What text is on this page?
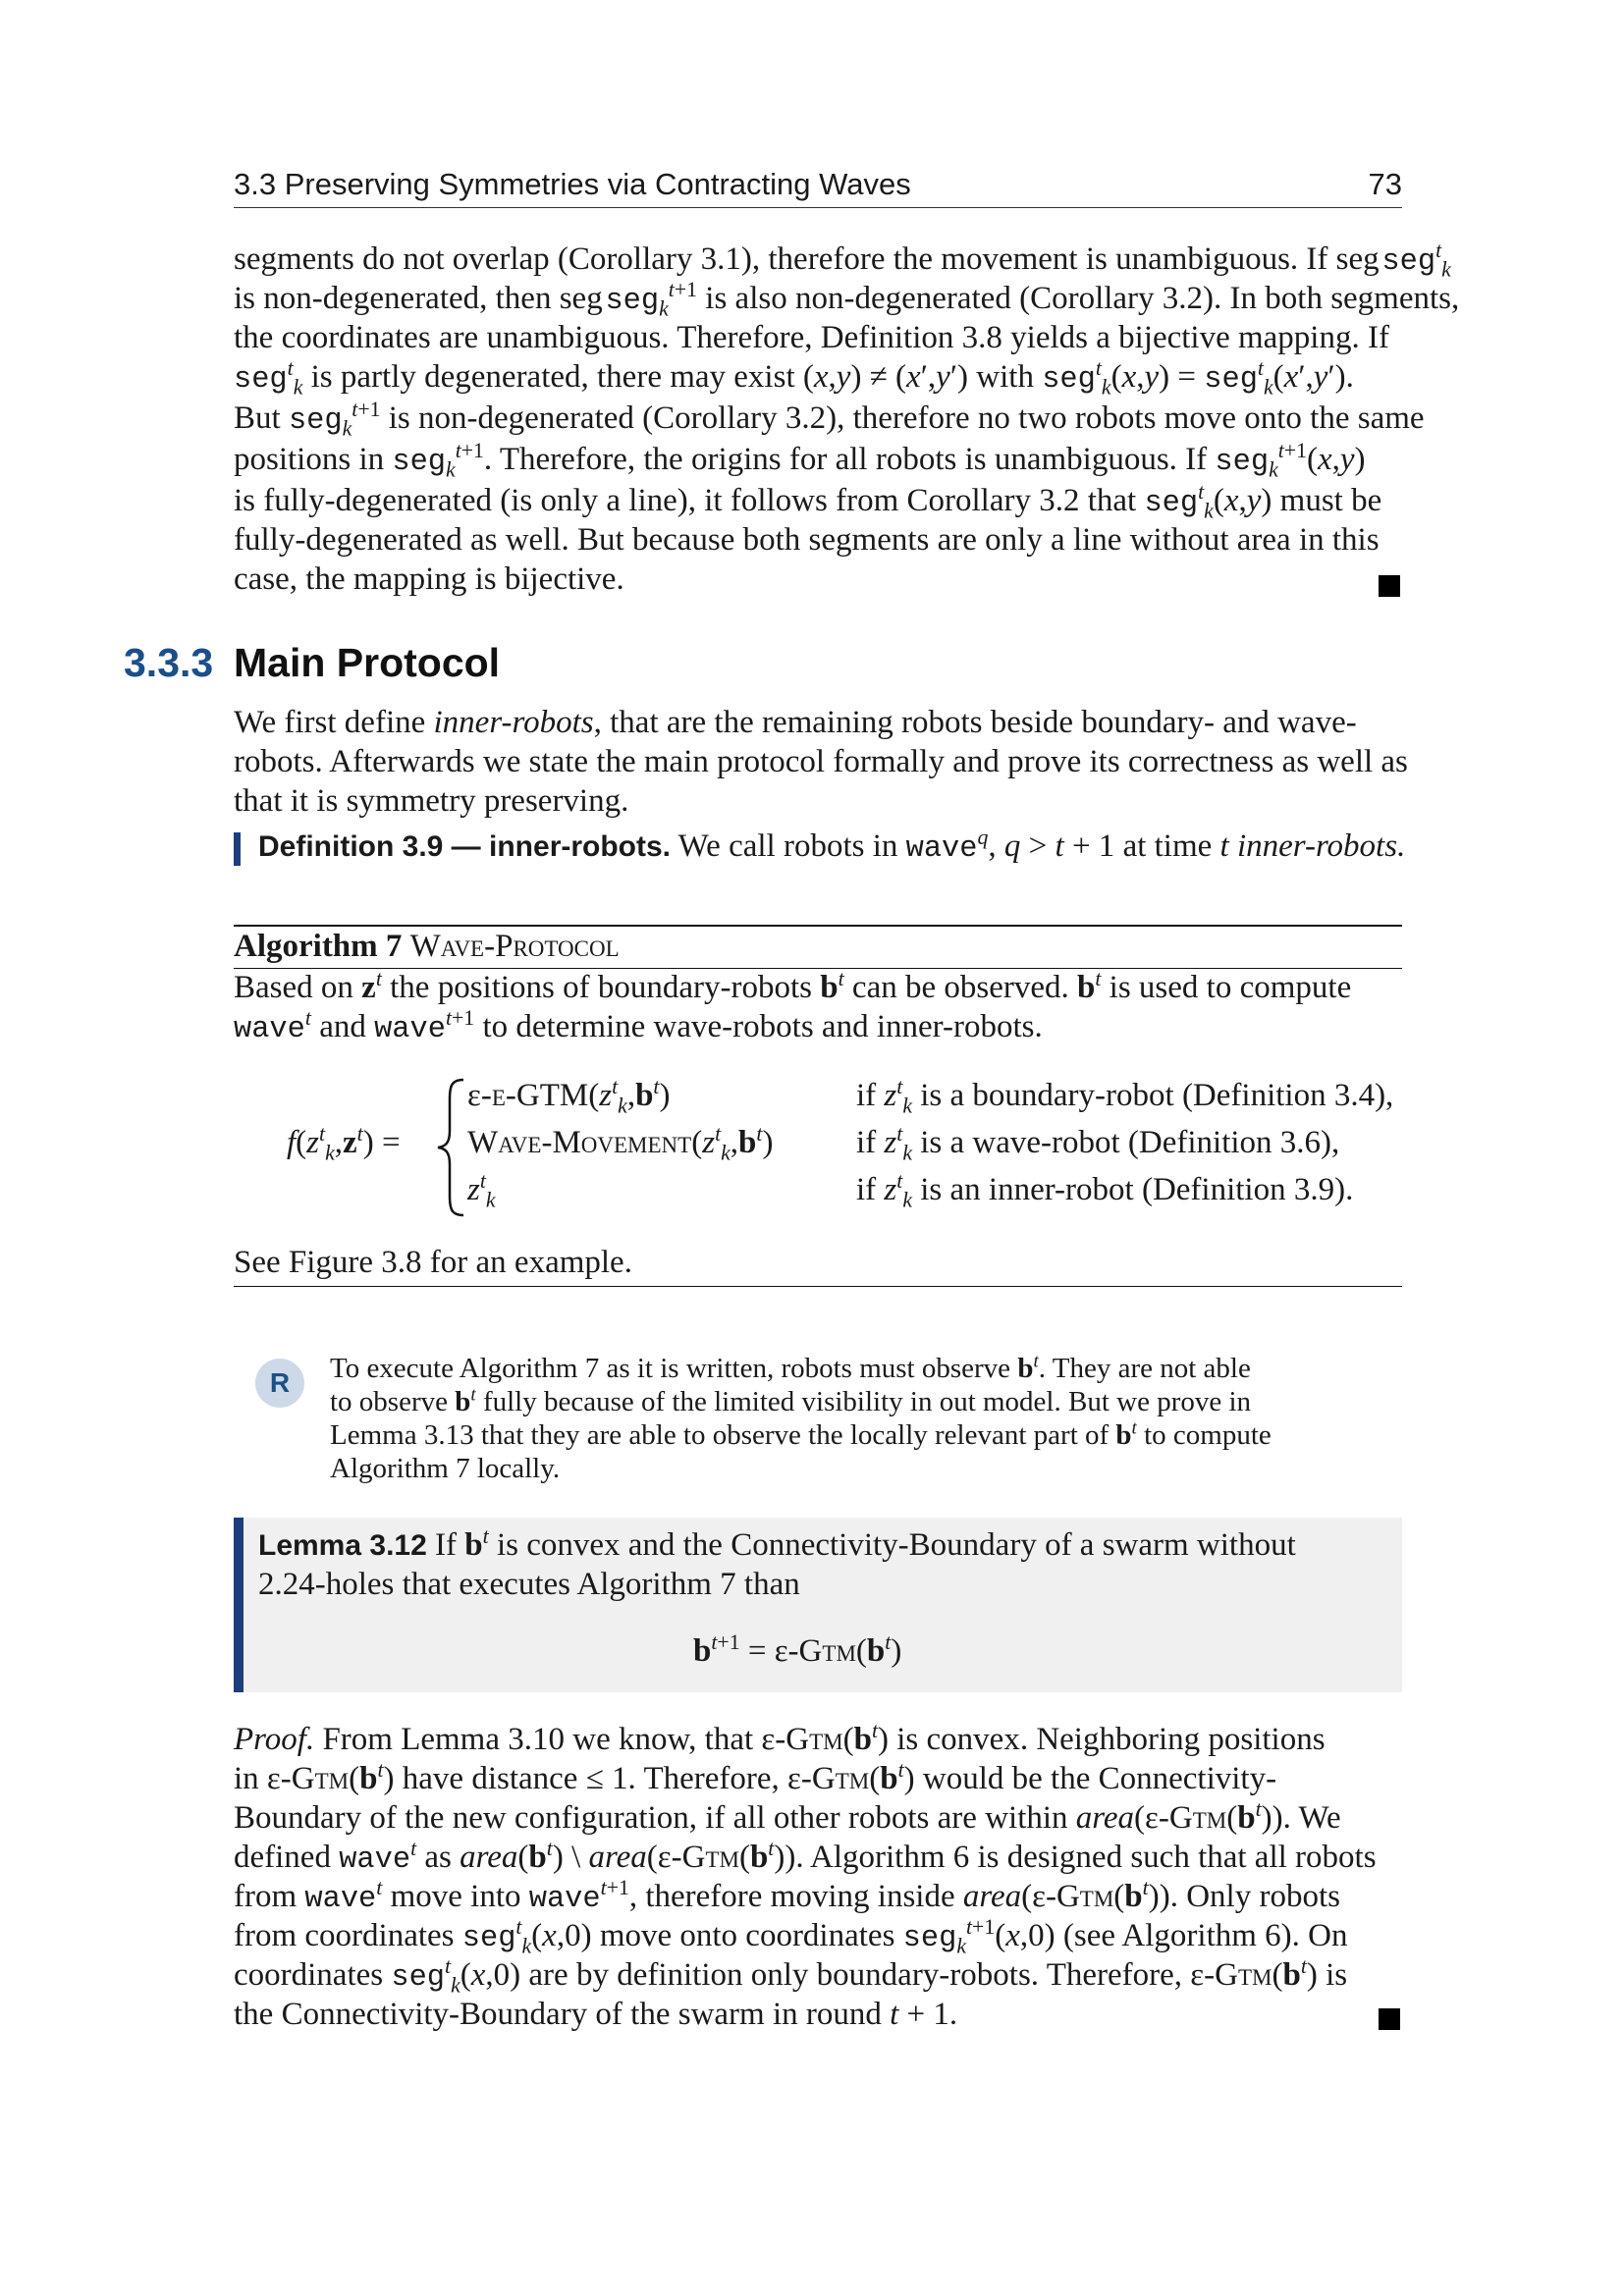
3.3 Preserving Symmetries via Contracting Waves	73
segments do not overlap (Corollary 3.1), therefore the movement is unambiguous. If seg seg$^t_k$
is non-degenerated, then seg seg$_k^{t+1}$ is also non-degenerated (Corollary 3.2). In both segments,
the coordinates are unambiguous. Therefore, Definition 3.8 yields a bijective mapping. If
seg$^t_k$ is partly degenerated, there may exist (x,y) ≠ (x′,y′) with seg$^t_k$(x,y) = seg$^t_k$(x′,y′).
But seg$_k^{t+1}$ is non-degenerated (Corollary 3.2), therefore no two robots move onto the same
positions in seg$_k^{t+1}$. Therefore, the origins for all robots is unambiguous. If seg$_k^{t+1}$(x,y)
is fully-degenerated (is only a line), it follows from Corollary 3.2 that seg$^t_k$(x,y) must be
fully-degenerated as well. But because both segments are only a line without area in this
case, the mapping is bijective.
3.3.3 Main Protocol
We first define inner-robots, that are the remaining robots beside boundary- and wave-
robots. Afterwards we state the main protocol formally and prove its correctness as well as
that it is symmetry preserving.
Definition 3.9 — inner-robots. We call robots in wave$^q$, q > t + 1 at time t inner-robots.
Algorithm 7 Wave-Protocol
Based on $z^t$ the positions of boundary-robots $b^t$ can be observed. $b^t$ is used to compute
wave$^t$ and wave$^{t+1}$ to determine wave-robots and inner-robots.
$f(z^t_k,z^t)$ =
$\varepsilon-\varepsilon-GTM(z^t_k,b^t)$
Wave-$Movement(z^t_k,b^t)$
$z^t_k$
if $z^t_k$ is a boundary-robot (Definition 3.4),
if $z^t_k$ is a wave-robot (Definition 3.6),
if $z^t_k$ is an inner-robot (Definition 3.9).
See Figure 3.8 for an example.
R	To execute Algorithm 7 as it is written, robots must observe $b^t$. They are not able
to observe $b^t$ fully because of the limited visibility in out model. But we prove in
Lemma 3.13 that they are able to observe the locally relevant part of $b^t$ to compute
Algorithm 7 locally.
Lemma 3.12 If $b^t$ is convex and the Connectivity-Boundary of a swarm without
2.24-holes that executes Algorithm 7 than
$b^{t+1} = \varepsilon-Gtm(b^t)$
Proof. From Lemma 3.10 we know, that $\varepsilon-Gtm(b^t)$ is convex. Neighboring positions
in $\varepsilon-Gtm(b^t)$ have distance ≤ 1. Therefore, $\varepsilon-Gtm(b^t)$ would be the Connectivity-
Boundary of the new configuration, if all other robots are within $area(\varepsilon-Gtm(b^t))$. We
defined wave$^t$ as $area(b^t)$ \ $area(\varepsilon-Gtm(b^t))$. Algorithm 6 is designed such that all robots
from wave$^t$ move into wave$^{t+1}$, therefore moving inside $area(\varepsilon-Gtm(b^t))$. Only robots
from coordinates seg$^t_k$(x,0) move onto coordinates seg$_k^{t+1}$(x,0) (see Algorithm 6). On
coordinates seg$^t_k$(x,0) are by definition only boundary-robots. Therefore, $\varepsilon-Gtm(b^t)$ is
the Connectivity-Boundary of the swarm in round t + 1.
